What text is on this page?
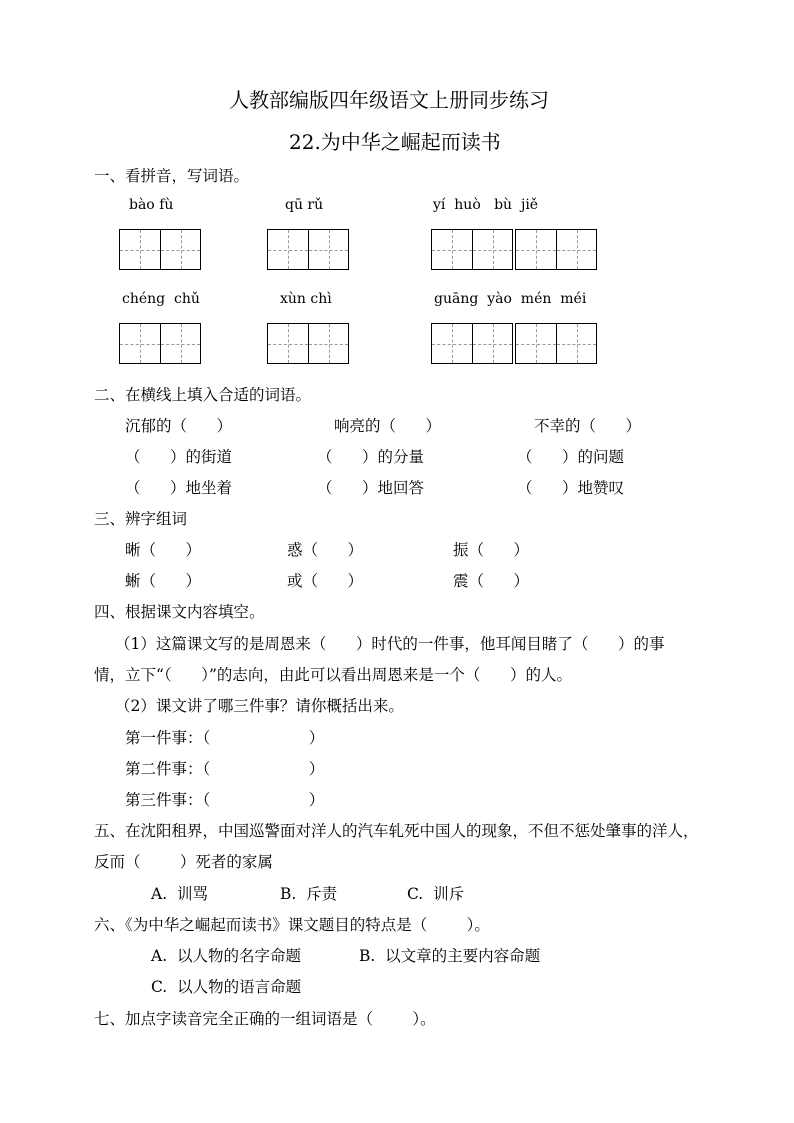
人教部编版四年级语文上册同步练习
22.为中华之崛起而读书
一、看拼音，写词语。
bào fù	qū rǔ	yí  huò   bù  jiě
chéng  chǔ	xùn chì	guāng  yào  mén  méi
二、在横线上填入合适的词语。
沉郁的（      ）	响亮的（      ）	不幸的（      ）
（      ）的街道	（      ）的分量	（      ）的问题
（      ）地坐着	（      ）地回答	（      ）地赞叹
三、辨字组词
晰（      ）	惑（      ）	振（      ）
蜥（      ）	或（      ）	震（      ）
四、根据课文内容填空。
（1）这篇课文写的是周恩来（      ）时代的一件事，他耳闻目睹了（      ）的事
情，立下“（      ）”的志向，由此可以看出周恩来是一个（      ）的人。
（2）课文讲了哪三件事？请你概括出来。
第一件事：（                    ）
第二件事：（                    ）
第三件事：（                    ）
五、在沈阳租界，中国巡警面对洋人的汽车轧死中国人的现象，不但不惩处肇事的洋人，
反而（        ）死者的家属
A.  训骂	B.  斥责	C.  训斥
六、《为中华之崛起而读书》课文题目的特点是（        ）。
A.  以人物的名字命题	B.  以文章的主要内容命题
C.  以人物的语言命题
七、加点字读音完全正确的一组词语是（        ）。
